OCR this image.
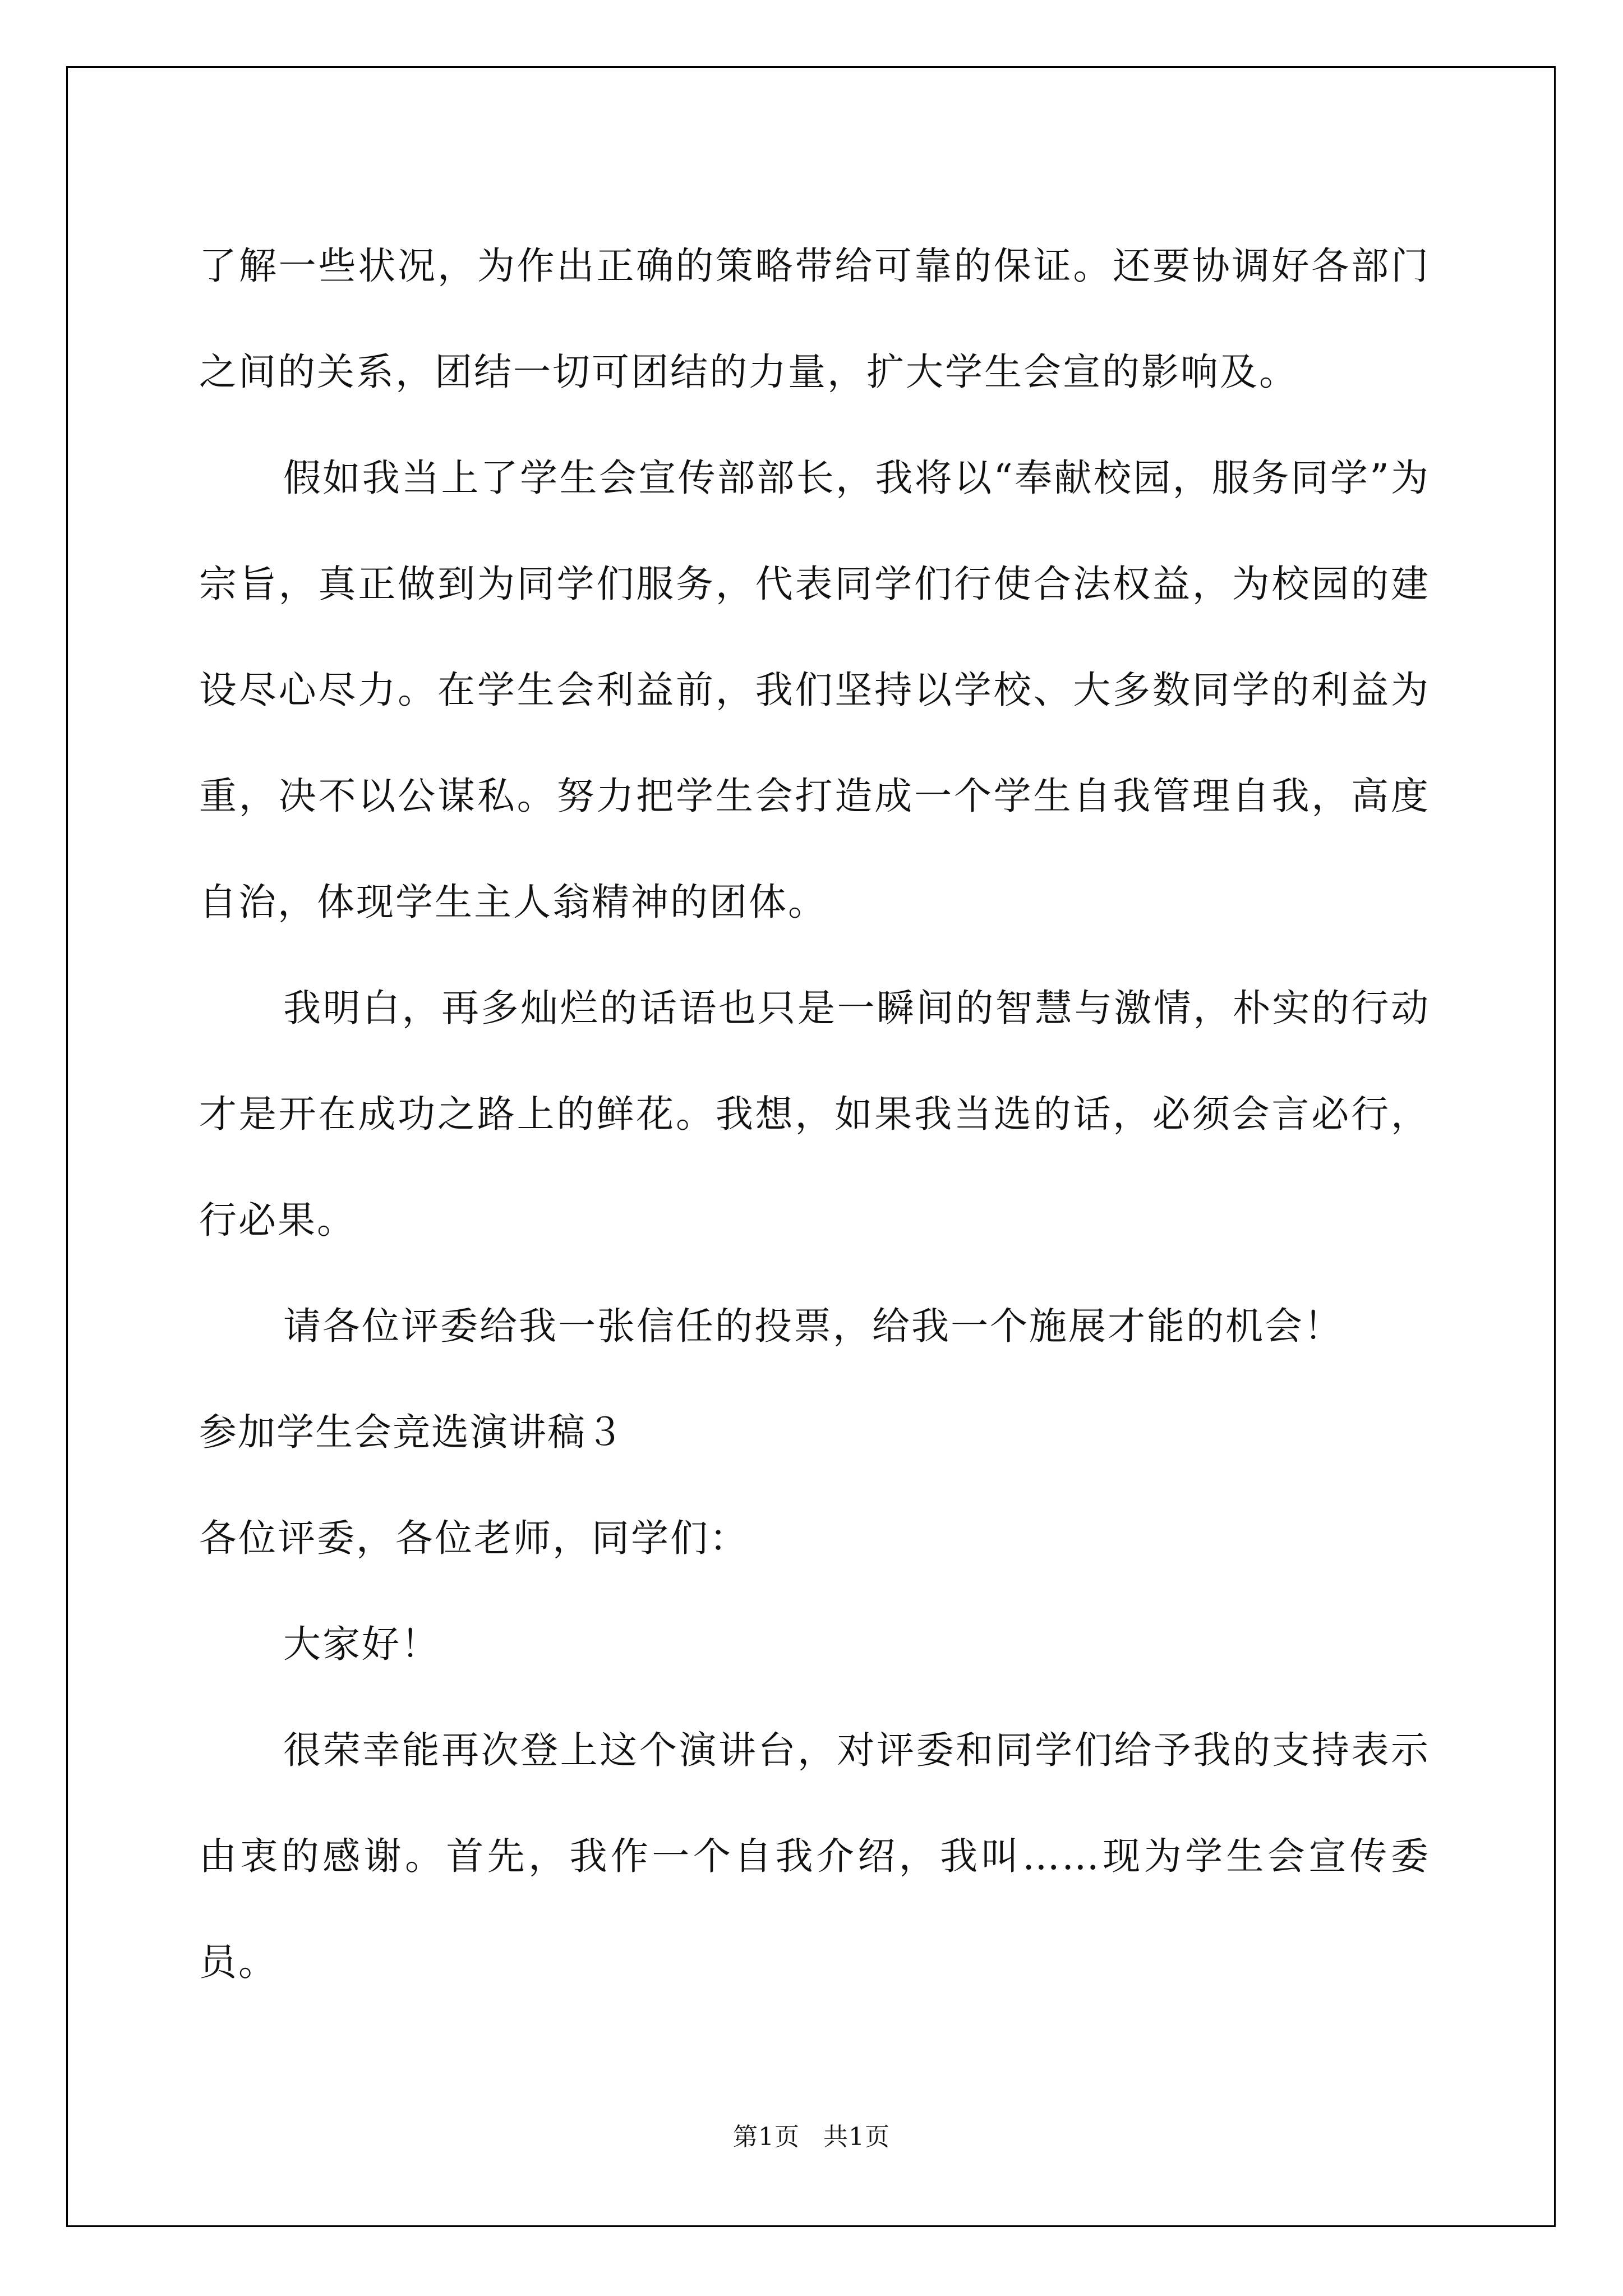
了解一些状况，为作出正确的策略带给可靠的保证。还要协调好各部门之间的关系，团结一切可团结的力量，扩大学生会宣的影响及。

假如我当上了学生会宣传部部长，我将以“奉献校园，服务同学”为宗旨，真正做到为同学们服务，代表同学们行使合法权益，为校园的建设尽心尽力。在学生会利益前，我们坚持以学校、大多数同学的利益为重，决不以公谋私。努力把学生会打造成一个学生自我管理自我，高度自治，体现学生主人翁精神的团体。

我明白，再多灿烂的话语也只是一瞬间的智慧与激情，朴实的行动才是开在成功之路上的鲜花。我想，如果我当选的话，必须会言必行，行必果。

请各位评委给我一张信任的投票，给我一个施展才能的机会！

参加学生会竞选演讲稿３

各位评委，各位老师，同学们：

大家好！

很荣幸能再次登上这个演讲台，对评委和同学们给予我的支持表示由衷的感谢。首先，我作一个自我介绍，我叫……现为学生会宣传委员。

第1页 共1页
